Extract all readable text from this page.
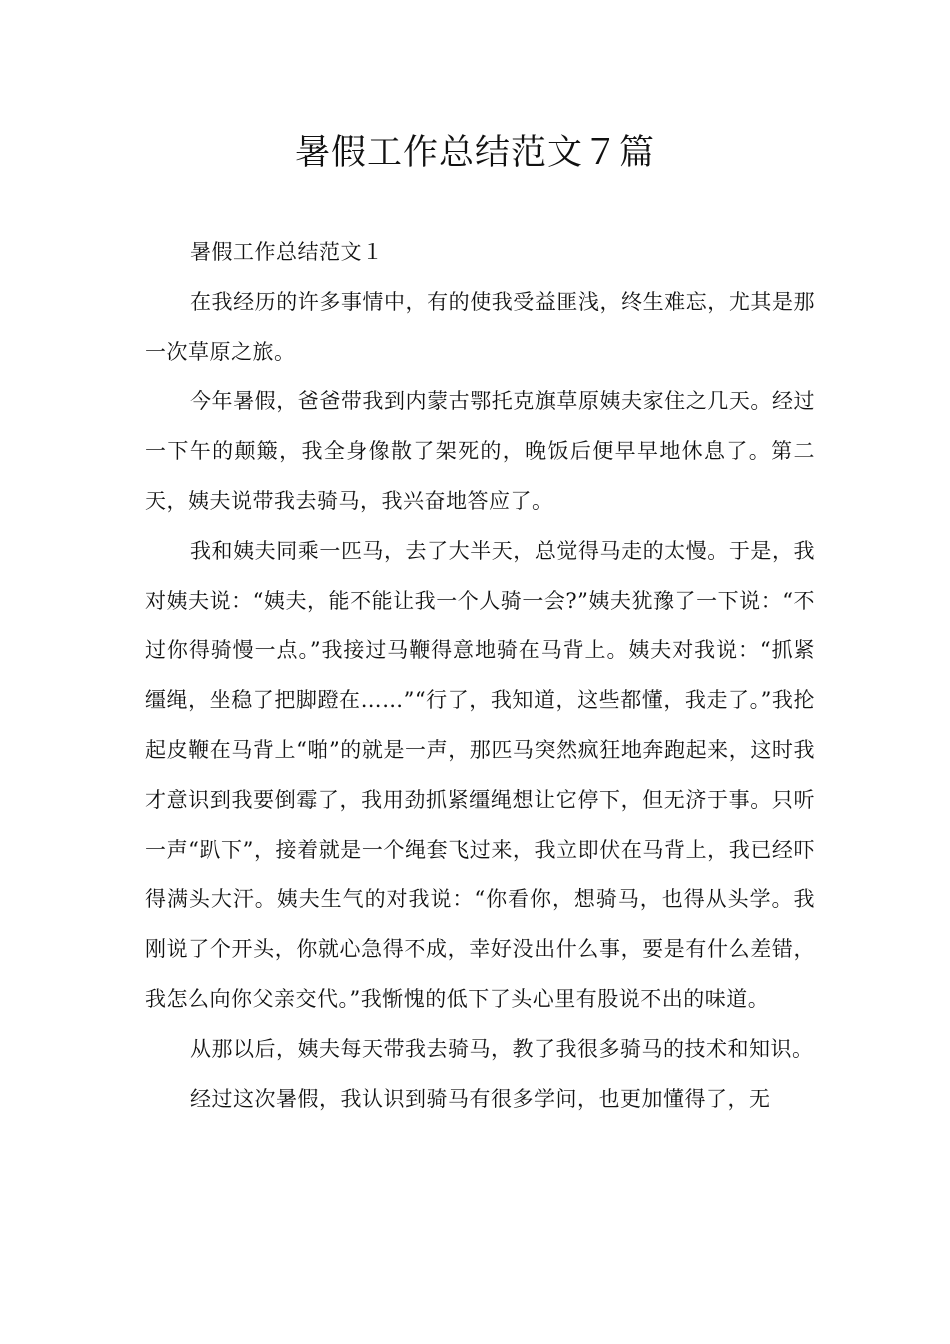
暑假工作总结范文７篇

暑假工作总结范文１

在我经历的许多事情中，有的使我受益匪浅，终生难忘，尤其是那一次草原之旅。

今年暑假，爸爸带我到内蒙古鄂托克旗草原姨夫家住之几天。经过一下午的颠簸，我全身像散了架死的，晚饭后便早早地休息了。第二天，姨夫说带我去骑马，我兴奋地答应了。

我和姨夫同乘一匹马，去了大半天，总觉得马走的太慢。于是，我对姨夫说：“姨夫，能不能让我一个人骑一会?”姨夫犹豫了一下说：“不过你得骑慢一点。”我接过马鞭得意地骑在马背上。姨夫对我说：“抓紧缰绳，坐稳了把脚蹬在……”“行了，我知道，这些都懂，我走了。”我抡起皮鞭在马背上“啪”的就是一声，那匹马突然疯狂地奔跑起来，这时我才意识到我要倒霉了，我用劲抓紧缰绳想让它停下，但无济于事。只听一声“趴下”，接着就是一个绳套飞过来，我立即伏在马背上，我已经吓得满头大汗。姨夫生气的对我说：“你看你，想骑马，也得从头学。我刚说了个开头，你就心急得不成，幸好没出什么事，要是有什么差错，我怎么向你父亲交代。”我惭愧的低下了头心里有股说不出的味道。

从那以后，姨夫每天带我去骑马，教了我很多骑马的技术和知识。

经过这次暑假，我认识到骑马有很多学问，也更加懂得了，无
